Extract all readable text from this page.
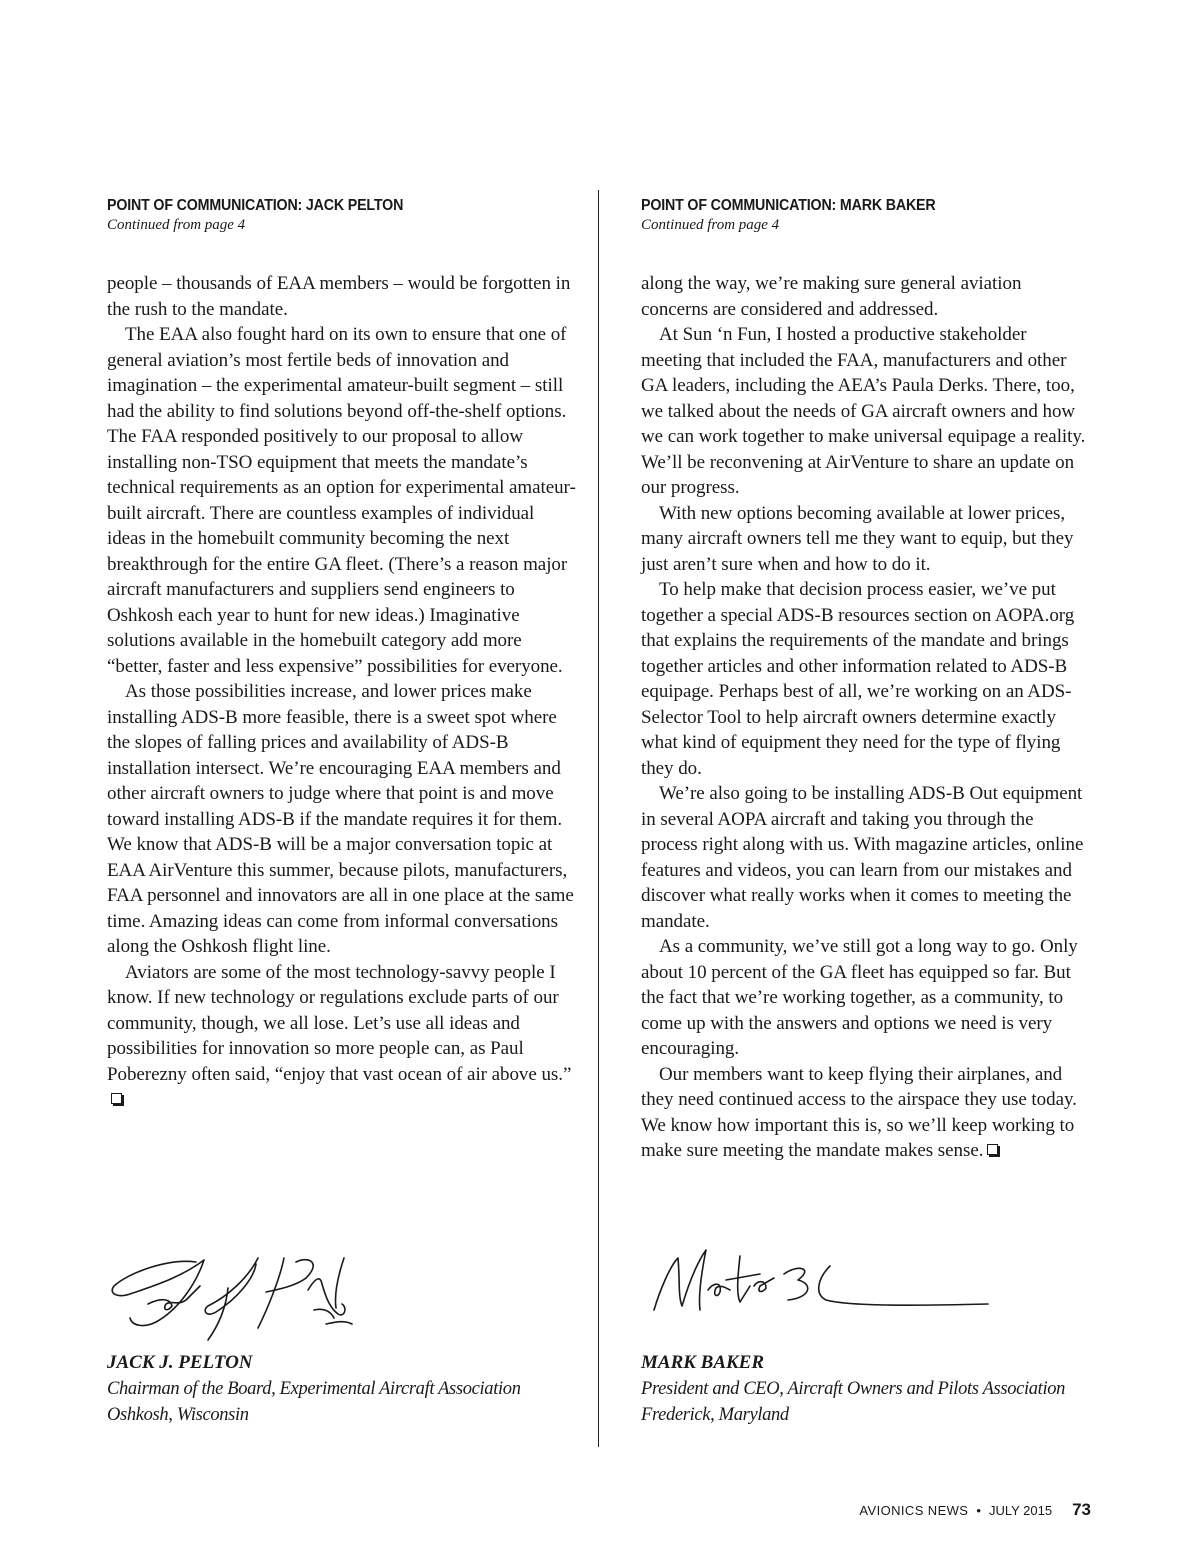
POINT OF COMMUNICATION: JACK PELTON
Continued from page 4

people – thousands of EAA members – would be forgotten in the rush to the mandate.

The EAA also fought hard on its own to ensure that one of general aviation’s most fertile beds of innovation and imagination – the experimental amateur-built segment – still had the ability to find solutions beyond off-the-shelf options. The FAA responded positively to our proposal to allow installing non-TSO equipment that meets the mandate’s technical requirements as an option for experimental amateur-built aircraft. There are countless examples of individual ideas in the homebuilt community becoming the next breakthrough for the entire GA fleet. (There’s a reason major aircraft manufacturers and suppliers send engineers to Oshkosh each year to hunt for new ideas.) Imaginative solutions available in the homebuilt category add more “better, faster and less expensive” possibilities for everyone.

As those possibilities increase, and lower prices make installing ADS-B more feasible, there is a sweet spot where the slopes of falling prices and availability of ADS-B installation intersect. We’re encouraging EAA members and other aircraft owners to judge where that point is and move toward installing ADS-B if the mandate requires it for them. We know that ADS-B will be a major conversation topic at EAA AirVenture this summer, because pilots, manufacturers, FAA personnel and innovators are all in one place at the same time. Amazing ideas can come from informal conversations along the Oshkosh flight line.

Aviators are some of the most technology-savvy people I know. If new technology or regulations exclude parts of our community, though, we all lose. Let’s use all ideas and possibilities for innovation so more people can, as Paul Poberezny often said, “enjoy that vast ocean of air above us.”

POINT OF COMMUNICATION: MARK BAKER
Continued from page 4

along the way, we’re making sure general aviation concerns are considered and addressed.

At Sun ‘n Fun, I hosted a productive stakeholder meeting that included the FAA, manufacturers and other GA leaders, including the AEA’s Paula Derks. There, too, we talked about the needs of GA aircraft owners and how we can work together to make universal equipage a reality. We’ll be reconvening at AirVenture to share an update on our progress.

With new options becoming available at lower prices, many aircraft owners tell me they want to equip, but they just aren’t sure when and how to do it.

To help make that decision process easier, we’ve put together a special ADS-B resources section on AOPA.org that explains the requirements of the mandate and brings together articles and other information related to ADS-B equipage. Perhaps best of all, we’re working on an ADS-Selector Tool to help aircraft owners determine exactly what kind of equipment they need for the type of flying they do.

We’re also going to be installing ADS-B Out equipment in several AOPA aircraft and taking you through the process right along with us. With magazine articles, online features and videos, you can learn from our mistakes and discover what really works when it comes to meeting the mandate.

As a community, we’ve still got a long way to go. Only about 10 percent of the GA fleet has equipped so far. But the fact that we’re working together, as a community, to come up with the answers and options we need is very encouraging.

Our members want to keep flying their airplanes, and they need continued access to the airspace they use today. We know how important this is, so we’ll keep working to make sure meeting the mandate makes sense.

JACK J. PELTON
Chairman of the Board, Experimental Aircraft Association
Oshkosh, Wisconsin
MARK BAKER
President and CEO, Aircraft Owners and Pilots Association
Frederick, Maryland
AVIONICS NEWS • JULY 2015 73
